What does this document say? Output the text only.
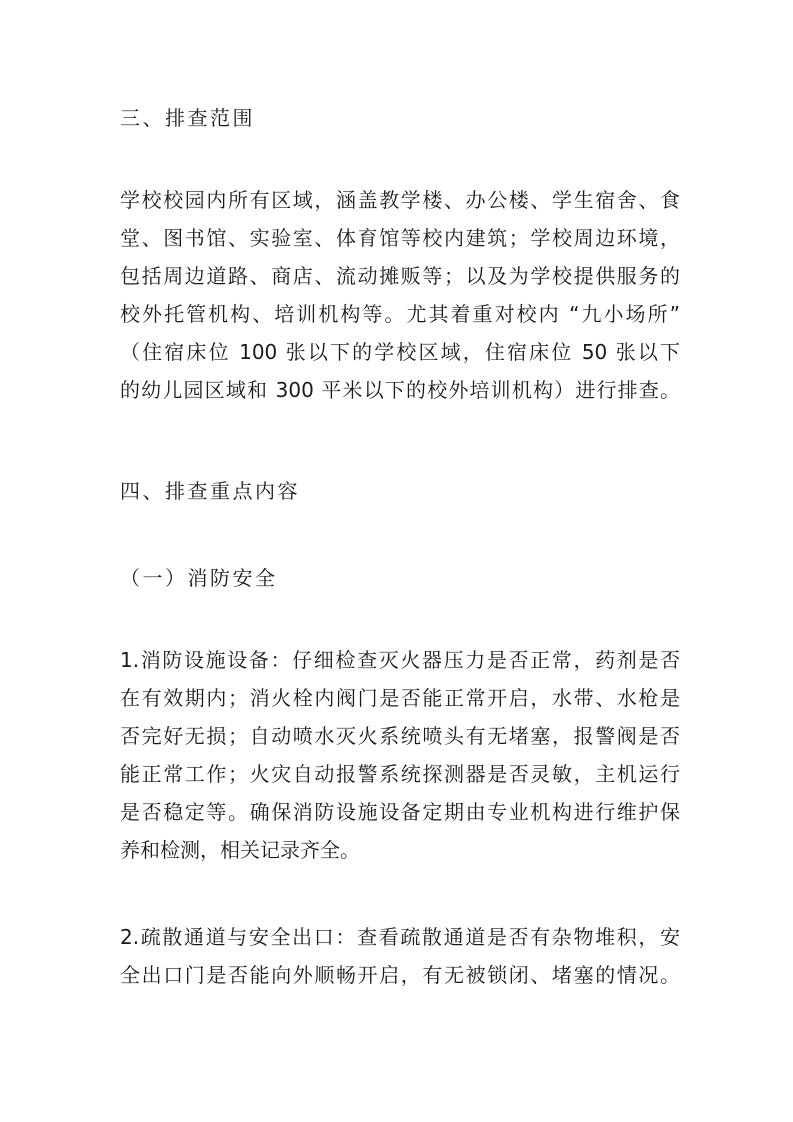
三、排查范围
学校校园内所有区域，涵盖教学楼、办公楼、学生宿舍、食
堂、图书馆、实验室、体育馆等校内建筑；学校周边环境，
包括周边道路、商店、流动摊贩等；以及为学校提供服务的
校外托管机构、培训机构等。尤其着重对校内 “九小场所”
（住宿床位 100 张以下的学校区域，住宿床位 50 张以下
的幼儿园区域和 300 平米以下的校外培训机构）进行排查。
四、排查重点内容
（一）消防安全
1.消防设施设备：仔细检查灭火器压力是否正常，药剂是否
在有效期内；消火栓内阀门是否能正常开启，水带、水枪是
否完好无损；自动喷水灭火系统喷头有无堵塞，报警阀是否
能正常工作；火灾自动报警系统探测器是否灵敏，主机运行
是否稳定等。确保消防设施设备定期由专业机构进行维护保
养和检测，相关记录齐全。
2.疏散通道与安全出口：查看疏散通道是否有杂物堆积，安
全出口门是否能向外顺畅开启，有无被锁闭、堵塞的情况。
